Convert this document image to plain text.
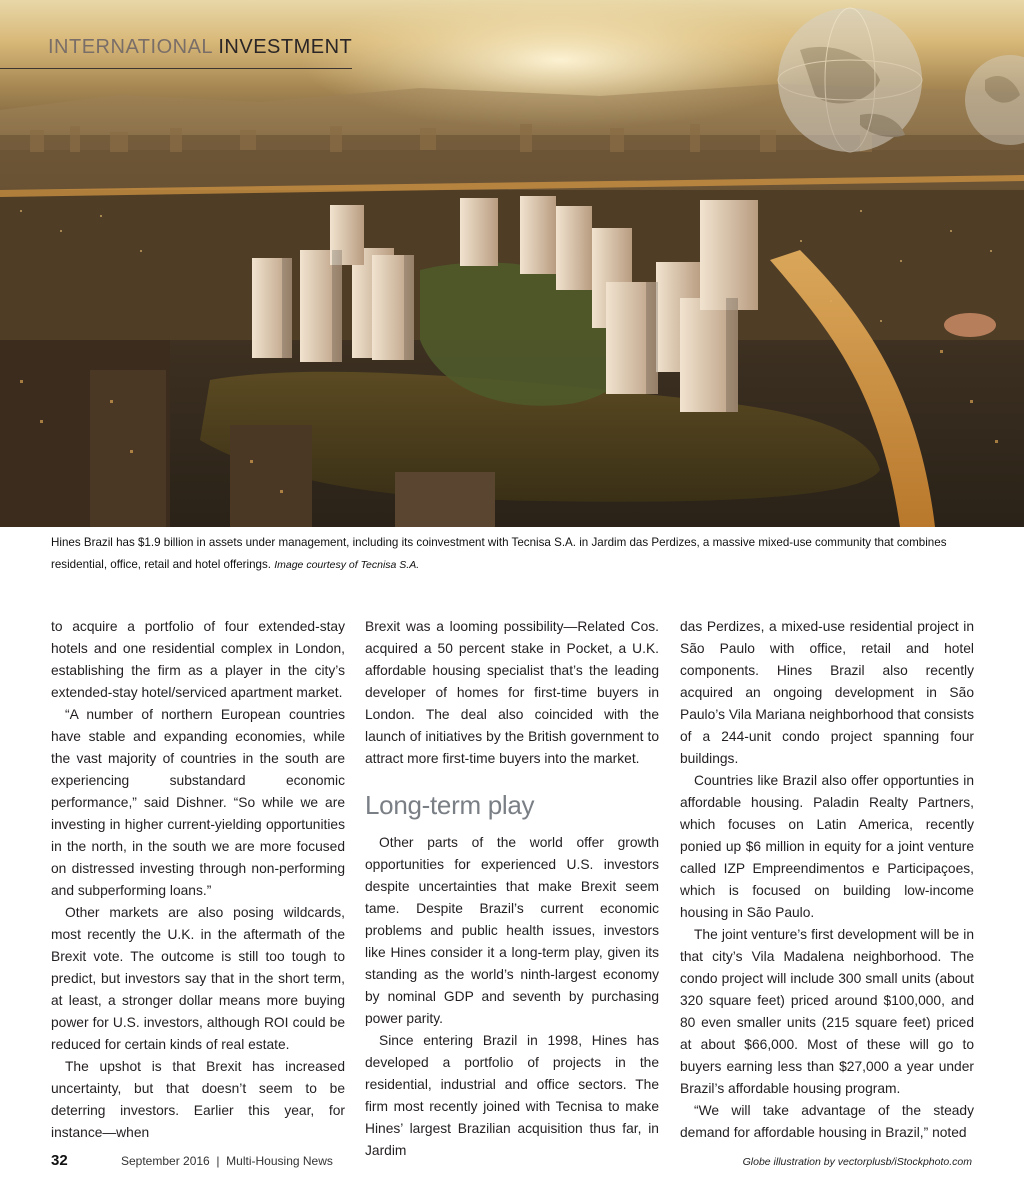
INTERNATIONAL INVESTMENT
Hines Brazil has $1.9 billion in assets under management, including its coinvestment with Tecnisa S.A. in Jardim das Perdizes, a massive mixed-use community that combines residential, office, retail and hotel offerings. Image courtesy of Tecnisa S.A.

to acquire a portfolio of four extended-stay hotels and one residential complex in London, establishing the firm as a player in the city’s extended-stay hotel/serviced apartment market.

“A number of northern European countries have stable and expanding economies, while the vast majority of countries in the south are experiencing substandard economic performance,” said Dishner. “So while we are investing in higher current-yielding opportunities in the north, in the south we are more focused on distressed investing through non-performing and subperforming loans.”

Other markets are also posing wildcards, most recently the U.K. in the aftermath of the Brexit vote. The outcome is still too tough to predict, but investors say that in the short term, at least, a stronger dollar means more buying power for U.S. investors, although ROI could be reduced for certain kinds of real estate.

The upshot is that Brexit has increased uncertainty, but that doesn’t seem to be deterring investors. Earlier this year, for instance—when

Brexit was a looming possibility—Related Cos. acquired a 50 percent stake in Pocket, a U.K. affordable housing specialist that’s the leading developer of homes for first-time buyers in London. The deal also coincided with the launch of initiatives by the British government to attract more first-time buyers into the market.

Long-term play

Other parts of the world offer growth opportunities for experienced U.S. investors despite uncertainties that make Brexit seem tame. Despite Brazil’s current economic problems and public health issues, investors like Hines consider it a long-term play, given its standing as the world’s ninth-largest economy by nominal GDP and seventh by purchasing power parity.

Since entering Brazil in 1998, Hines has developed a portfolio of projects in the residential, industrial and office sectors. The firm most recently joined with Tecnisa to make Hines’ largest Brazilian acquisition thus far, in Jardim

das Perdizes, a mixed-use residential project in São Paulo with office, retail and hotel components. Hines Brazil also recently acquired an ongoing development in São Paulo’s Vila Mariana neighborhood that consists of a 244-unit condo project spanning four buildings.

Countries like Brazil also offer opportunties in affordable housing. Paladin Realty Partners, which focuses on Latin America, recently ponied up $6 million in equity for a joint venture called IZP Empreendimentos e Participaçoes, which is focused on building low-income housing in São Paulo.

The joint venture’s first development will be in that city’s Vila Madalena neighborhood. The condo project will include 300 small units (about 320 square feet) priced around $100,000, and 80 even smaller units (215 square feet) priced at about $66,000. Most of these will go to buyers earning less than $27,000 a year under Brazil’s affordable housing program.

“We will take advantage of the steady demand for affordable housing in Brazil,” noted

32	September 2016  |  Multi-Housing News	Globe illustration by vectorplusb/iStockphoto.com
